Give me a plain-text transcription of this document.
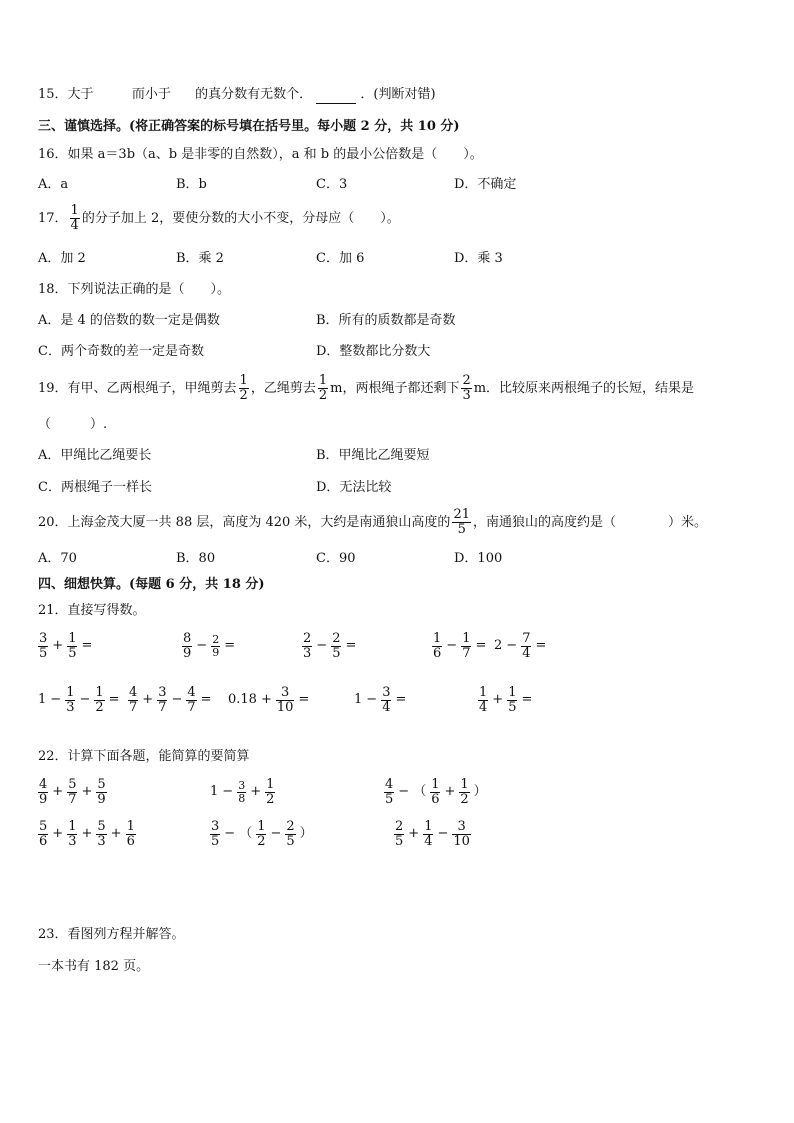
15．大于	而小于 的真分数有无数个．	．(判断对错)
三、谨慎选择。(将正确答案的标号填在括号里。每小题 2 分，共 10 分)
16．如果 a＝3b（a、b 是非零的自然数），a 和 b 的最小公倍数是（　　）。
A．a	B．b	C．3	D．不确定
17． $\frac{1}{4}$ 的分子加上 2，要使分数的大小不变，分母应（　　）。
A．加 2	B．乘 2	C．加 6	D．乘 3
18．下列说法正确的是（　　）。
A．是 4 的倍数的数一定是偶数	B．所有的质数都是奇数
C．两个奇数的差一定是奇数	D．整数都比分数大
19．有甲、乙两根绳子，甲绳剪去 $\frac{1}{2}$ ，乙绳剪去 $\frac{1}{2}$ m，两根绳子都还剩下 $\frac{2}{3}$ m．比较原来两根绳子的长短，结果是
（　　　）.
A．甲绳比乙绳要长	B．甲绳比乙绳要短
C．两根绳子一样长	D．无法比较
20．上海金茂大厦一共 88 层，高度为 420 米，大约是南通狼山高度的 $\frac{21}{5}$ ，南通狼山的高度约是（　　　　）米。
A．70	B．80	C．90	D．100
四、细想快算。(每题 6 分，共 18 分)
21．直接写得数。
$\frac{3}{5} + \frac{1}{5}$ =	$\frac{8}{9} - \frac{2}{9}$ =	$\frac{2}{3} - \frac{2}{5}$ =	$\frac{1}{6} - \frac{1}{7} = 2 - \frac{7}{4}$ =
$1 - \frac{1}{3} - \frac{1}{2} = \frac{4}{7} + \frac{3}{7} - \frac{4}{7} = 0.18 + \frac{3}{10}$ =	$1 - \frac{3}{4}$ =	$\frac{1}{4} + \frac{1}{5}$ =
22．计算下面各题，能简算的要简算
$\frac{4}{9} + \frac{5}{7} + \frac{5}{9}$	$1 - \frac{3}{8} + \frac{1}{2}$	$\frac{4}{5}$ − （ $\frac{1}{6} + \frac{1}{2}$ ）
$\frac{5}{6} + \frac{1}{3} + \frac{5}{3} + \frac{1}{6}$	$\frac{3}{5}$ − （ $\frac{1}{2} - \frac{2}{5}$ ）	$\frac{2}{5} + \frac{1}{4} - \frac{3}{10}$
23．看图列方程并解答。
一本书有 182 页。
